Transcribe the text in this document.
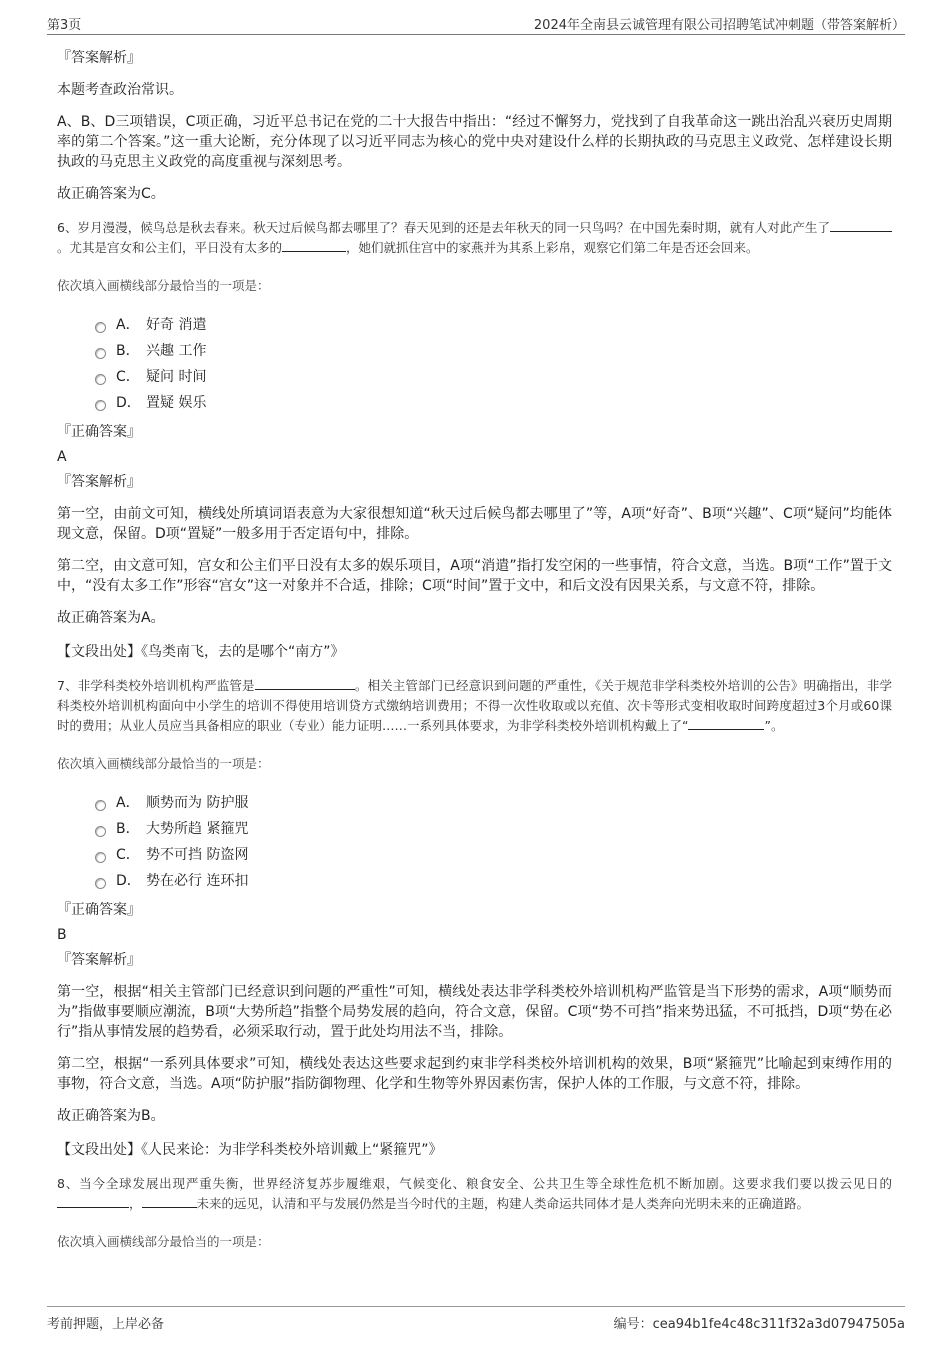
第3页	2024年全南县云诚管理有限公司招聘笔试冲刺题（带答案解析）
『答案解析』
本题考查政治常识。
A、B、D三项错误，C项正确，习近平总书记在党的二十大报告中指出：“经过不懈努力，党找到了自我革命这一跳出治乱兴衰历史周期率的第二个答案。”这一重大论断，充分体现了以习近平同志为核心的党中央对建设什么样的长期执政的马克思主义政党、怎样建设长期执政的马克思主义政党的高度重视与深刻思考。
故正确答案为C。
6、岁月漫漫，候鸟总是秋去春来。秋天过后候鸟都去哪里了？春天见到的还是去年秋天的同一只鸟吗？在中国先秦时期，就有人对此产生了。尤其是宫女和公主们，平日没有太多的	，她们就抓住宫中的家燕并为其系上彩帛，观察它们第二年是否还会回来。
依次填入画横线部分最恰当的一项是：
A． 好奇 消遣
B． 兴趣 工作
C． 疑问 时间
D． 置疑 娱乐
『正确答案』
A
『答案解析』
第一空，由前文可知，横线处所填词语表意为大家很想知道“秋天过后候鸟都去哪里了”等，A项“好奇”、B项“兴趣”、C项“疑问”均能体现文意，保留。D项“置疑”一般多用于否定语句中，排除。
第二空，由文意可知，宫女和公主们平日没有太多的娱乐项目，A项“消遣”指打发空闲的一些事情，符合文意，当选。B项“工作”置于文中，“没有太多工作”形容“宫女”这一对象并不合适，排除；C项“时间”置于文中，和后文没有因果关系，与文意不符，排除。
故正确答案为A。
【文段出处】《鸟类南飞，去的是哪个“南方”》
7、非学科类校外培训机构严监管是	。相关主管部门已经意识到问题的严重性，《关于规范非学科类校外培训的公告》明确指出，非学科类校外培训机构面向中小学生的培训不得使用培训贷方式缴纳培训费用；不得一次性收取或以充值、次卡等形式变相收取时间跨度超过3个月或60课时的费用；从业人员应当具备相应的职业（专业）能力证明……一系列具体要求，为非学科类校外培训机构戴上了“	”。
依次填入画横线部分最恰当的一项是：
A． 顺势而为 防护服
B． 大势所趋 紧箍咒
C． 势不可挡 防盗网
D． 势在必行 连环扣
『正确答案』
B
『答案解析』
第一空，根据“相关主管部门已经意识到问题的严重性”可知，横线处表达非学科类校外培训机构严监管是当下形势的需求，A项“顺势而为”指做事要顺应潮流，B项“大势所趋”指整个局势发展的趋向，符合文意，保留。C项“势不可挡”指来势迅猛，不可抵挡，D项“势在必行”指从事情发展的趋势看，必须采取行动，置于此处均用法不当，排除。
第二空，根据“一系列具体要求”可知，横线处表达这些要求起到约束非学科类校外培训机构的效果，B项“紧箍咒”比喻起到束缚作用的事物，符合文意，当选。A项“防护服”指防御物理、化学和生物等外界因素伤害，保护人体的工作服，与文意不符，排除。
故正确答案为B。
【文段出处】《人民来论：为非学科类校外培训戴上“紧箍咒”》
8、当今全球发展出现严重失衡，世界经济复苏步履维艰，气候变化、粮食安全、公共卫生等全球性危机不断加剧。这要求我们要以拨云见日的，	未来的远见，认清和平与发展仍然是当今时代的主题，构建人类命运共同体才是人类奔向光明未来的正确道路。
依次填入画横线部分最恰当的一项是：
考前押题，上岸必备	编号：cea94b1fe4c48c311f32a3d07947505a
